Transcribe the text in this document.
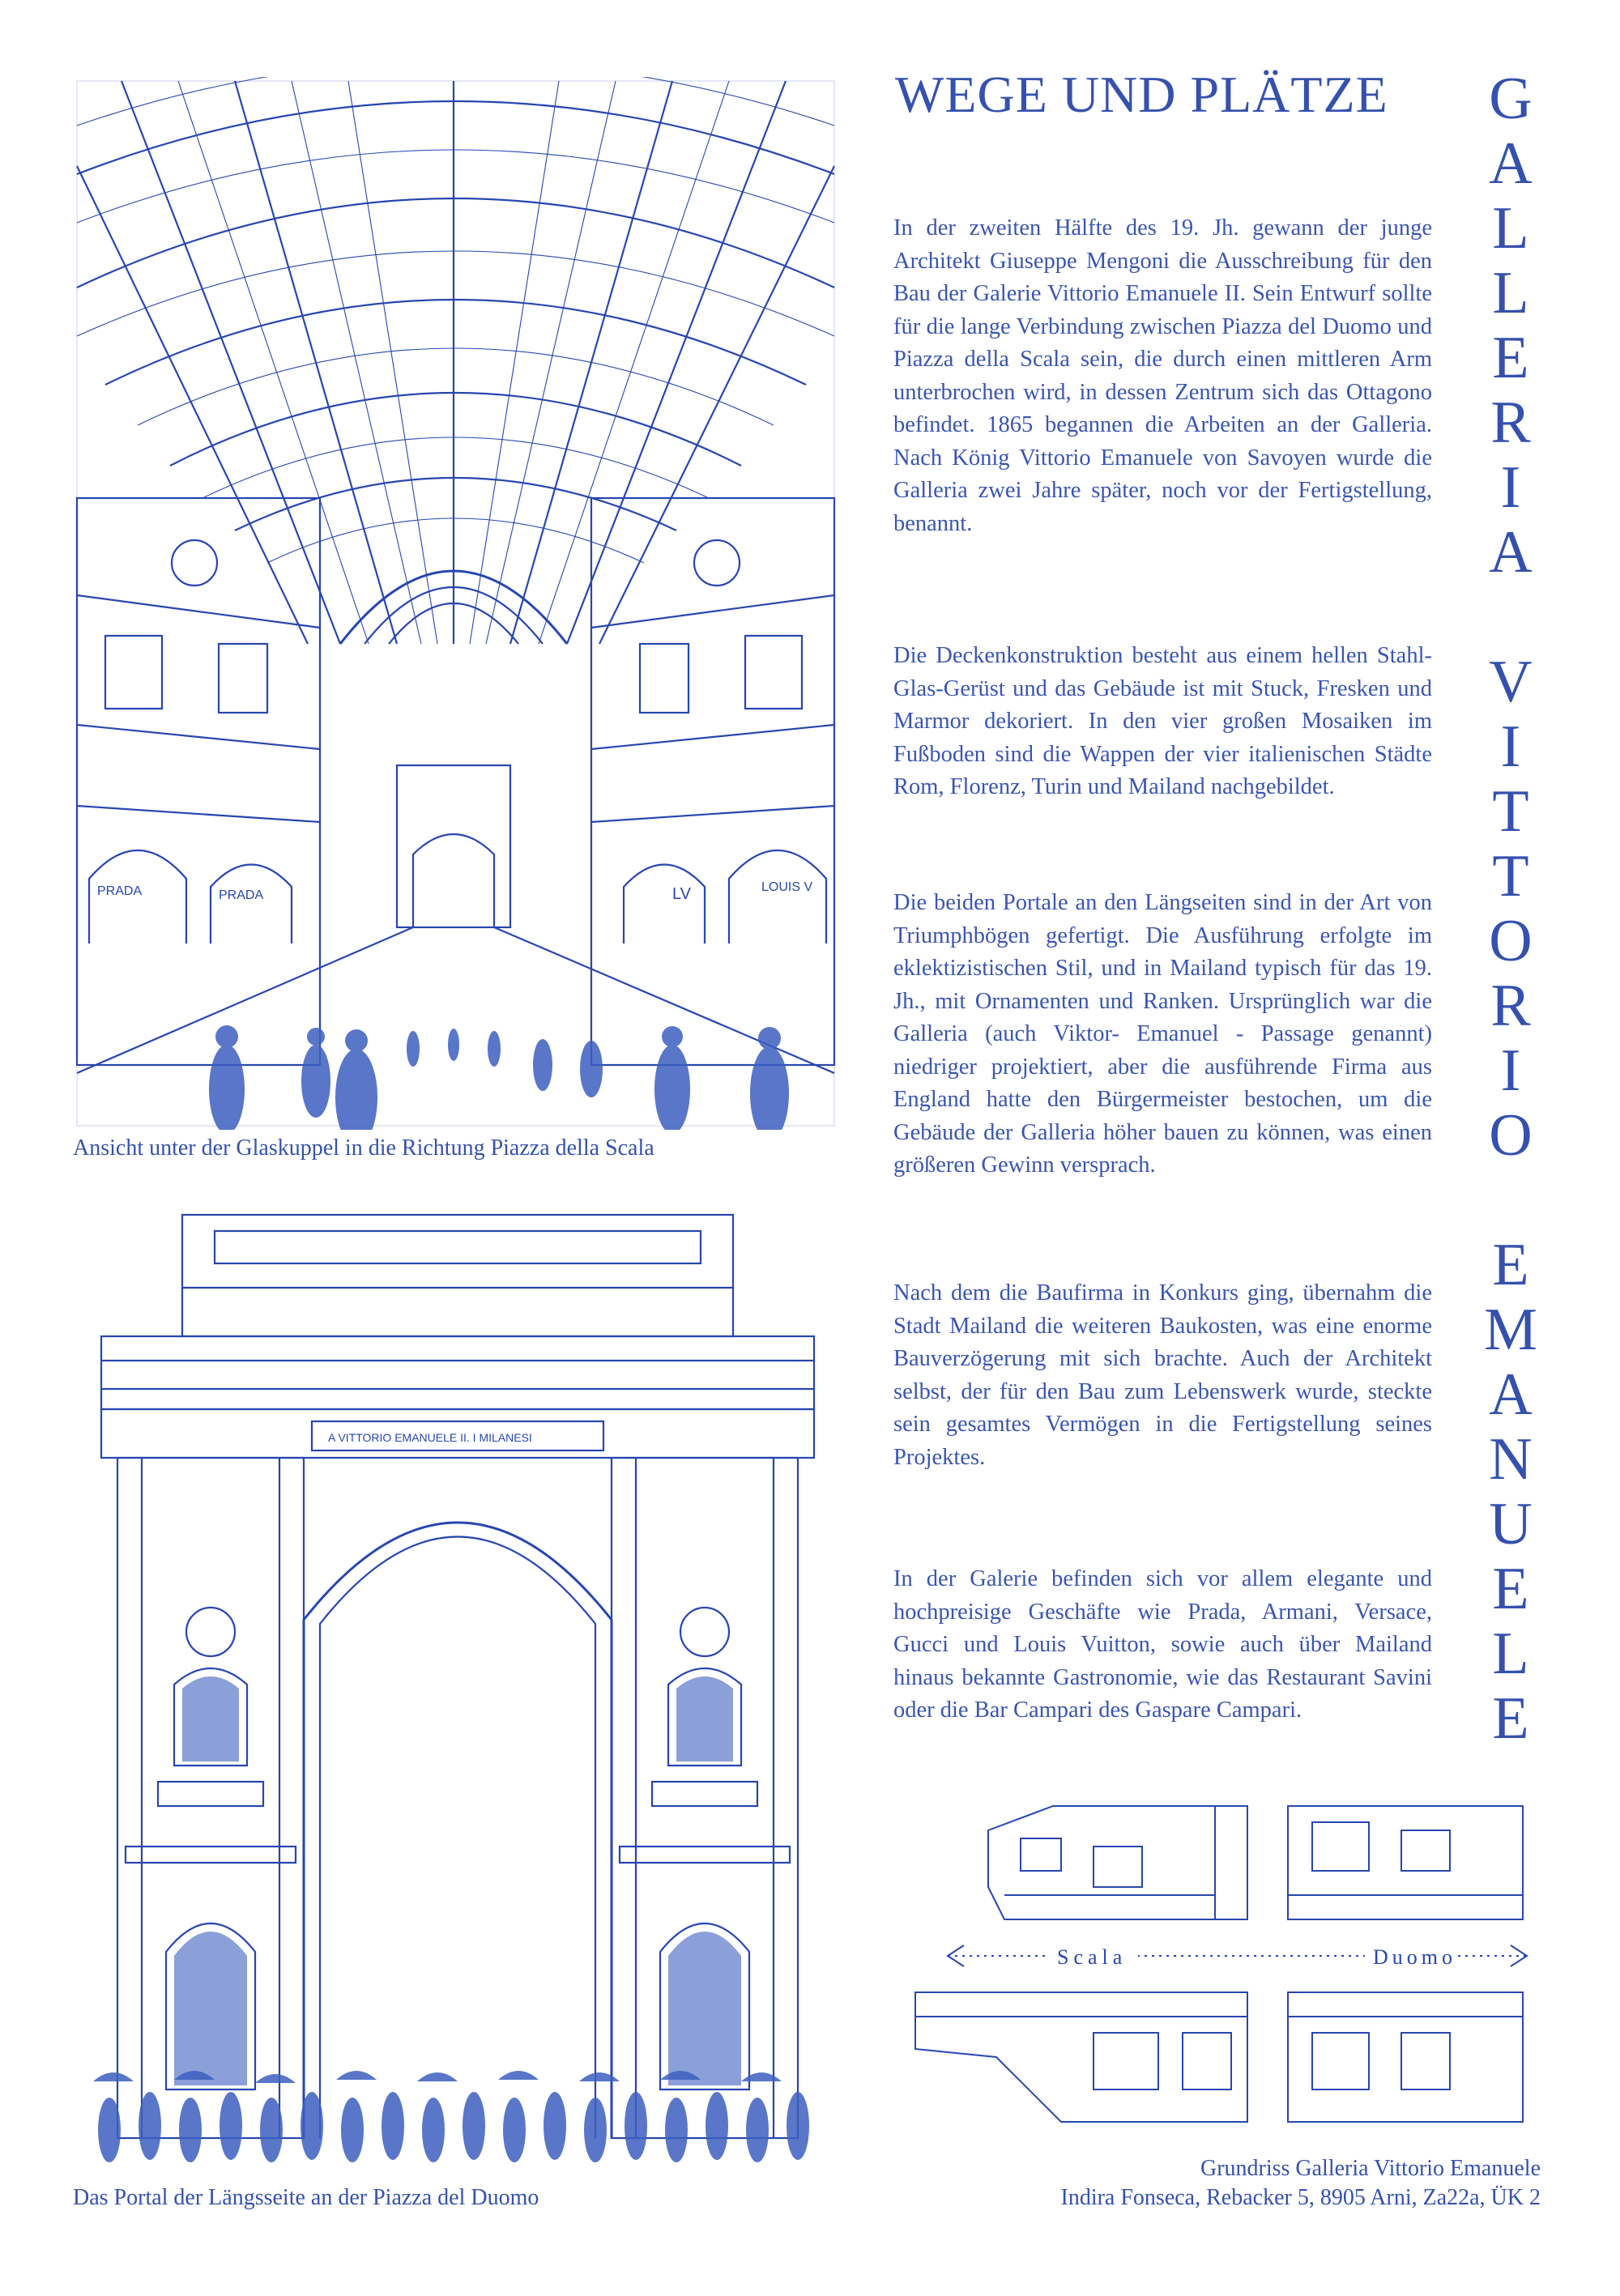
WEGE UND PLÄTZE	G
A
L
L
E
R
I
A
V
I
T
T
O
R
I
O
E
M
A
N
U
E
L
E
In der zweiten Hälfte des 19. Jh. gewann der junge Architekt Giuseppe Mengoni die Ausschreibung für den Bau der Galerie Vittorio Emanuele II. Sein Entwurf sollte für die lange Verbindung zwischen Piazza del Duomo und Piazza della Scala sein, die durch einen mittleren Arm unterbrochen wird, in dessen Zentrum sich das Ottagono befindet. 1865 begannen die Arbeiten an der Galleria. Nach König Vittorio Emanuele von Savoyen wurde die Galleria zwei Jahre später, noch vor der Fertigstellung, benannt.
Die Deckenkonstruktion besteht aus einem hellen Stahl-Glas-Gerüst und das Gebäude ist mit Stuck, Fresken und Marmor dekoriert. In den vier großen Mosaiken im Fußboden sind die Wappen der vier italienischen Städte Rom, Florenz, Turin und Mailand nachgebildet.
Die beiden Portale an den Längseiten sind in der Art von Triumphbögen gefertigt. Die Ausführung erfolgte im eklektizistischen Stil, und in Mailand typisch für das 19. Jh., mit Ornamenten und Ranken. Ursprünglich war die Galleria (auch Viktor- Emanuel - Passage genannt) niedriger projektiert, aber die ausführende Firma aus England hatte den Bürgermeister bestochen, um die Gebäude der Galleria höher bauen zu können, was einen größeren Gewinn versprach.
Nach dem die Baufirma in Konkurs ging, übernahm die Stadt Mailand die weiteren Baukosten, was eine enorme Bauverzögerung mit sich brachte. Auch der Architekt selbst, der für den Bau zum Lebenswerk wurde, steckte sein gesamtes Vermögen in die Fertigstellung seines Projektes.
In der Galerie befinden sich vor allem elegante und hochpreisige Geschäfte wie Prada, Armani, Versace, Gucci und Louis Vuitton, sowie auch über Mailand hinaus bekannte Gastronomie, wie das Restaurant Savini oder die Bar Campari des Gaspare Campari.
PRADA	PRADA	LV	LOUIS V
Ansicht unter der Glaskuppel in die Richtung Piazza della Scala
A VITTORIO EMANUELE II. I MILANESI
Das Portal der Längsseite an der Piazza del Duomo
Scala	Duomo
Grundriss Galleria Vittorio Emanuele
Indira Fonseca, Rebacker 5, 8905 Arni, Za22a, ÜK 2
